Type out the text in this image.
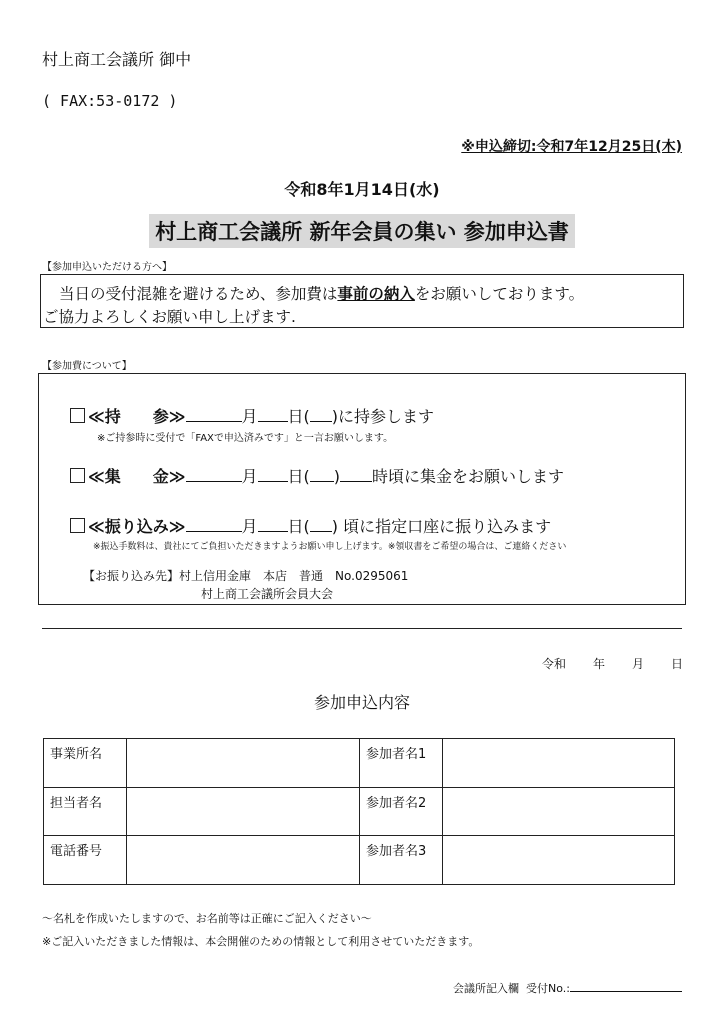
村上商工会議所 御中
( FAX:53-0172 )
※申込締切:令和7年12月25日(木)
令和8年1月14日(水)
村上商工会議所 新年会員の集い 参加申込書
【参加申込いただける方へ】
当日の受付混雑を避けるため、参加費は事前の納入をお願いしております。
ご協力よろしくお願い申し上げます.
【参加費について】
≪持　　参≫	月 日( )に持参します
※ご持参時に受付で「FAXで申込済みです」と一言お願いします。
≪集　　金≫	月 日( ) 時頃に集金をお願いします
≪振り込み≫	月 日( ) 頃に指定口座に振り込みます
※振込手数料は、貴社にてご負担いただきますようお願い申し上げます。※領収書をご希望の場合は、ご連絡ください
【お振り込み先】村上信用金庫　本店　普通　No.0295061
村上商工会議所会員大会
令和 年 月 日
参加申込内容
事業所名		参加者名1	
担当者名		参加者名2	
電話番号		参加者名3	
〜名札を作成いたしますので、お名前等は正確にご記入ください〜
※ご記入いただきました情報は、本会開催のための情報として利用させていただきます。
会議所記入欄 受付No.:
